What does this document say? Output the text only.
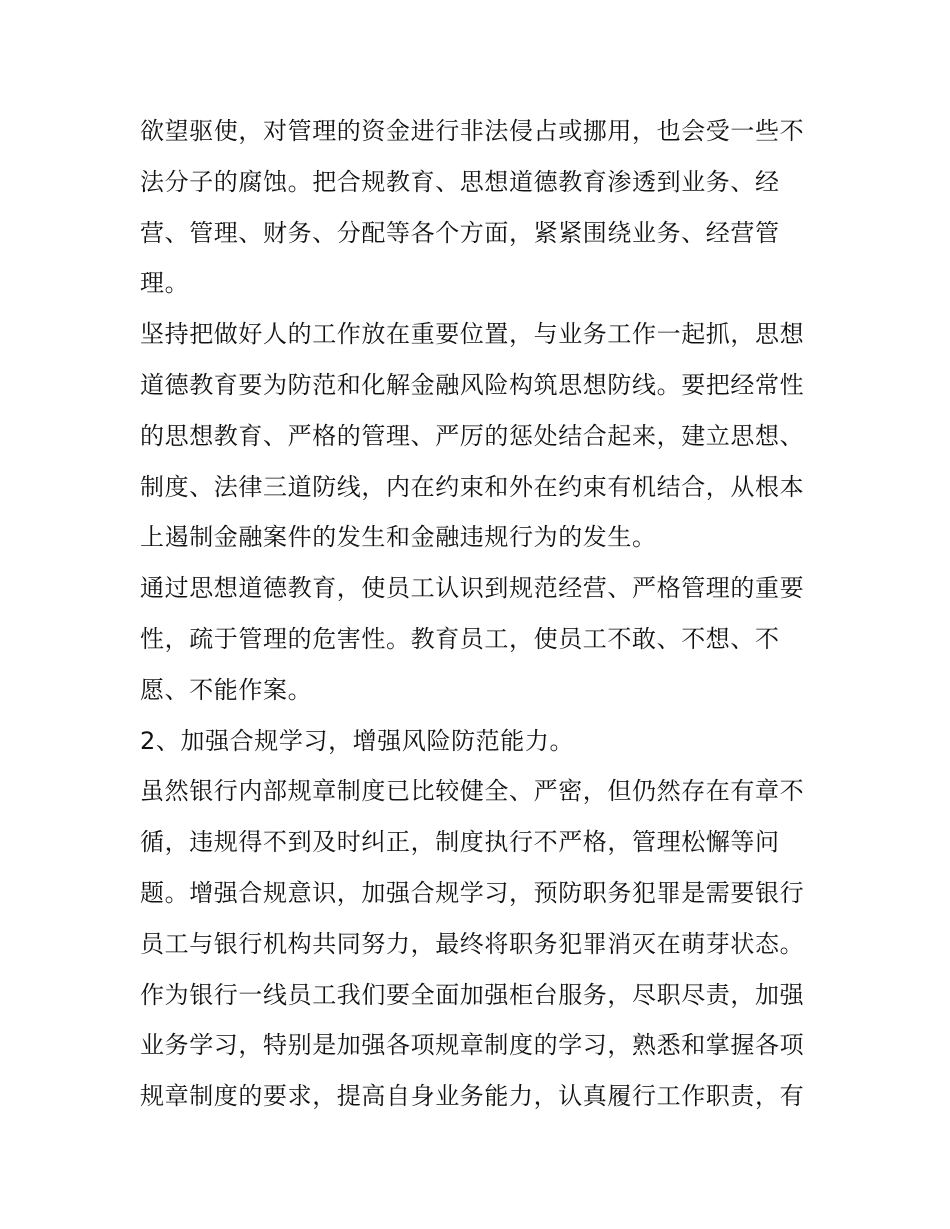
欲望驱使，对管理的资金进行非法侵占或挪用，也会受一些不
法分子的腐蚀。把合规教育、思想道德教育渗透到业务、经
营、管理、财务、分配等各个方面，紧紧围绕业务、经营管
理。
坚持把做好人的工作放在重要位置，与业务工作一起抓，思想
道德教育要为防范和化解金融风险构筑思想防线。要把经常性
的思想教育、严格的管理、严厉的惩处结合起来，建立思想、
制度、法律三道防线，内在约束和外在约束有机结合，从根本
上遏制金融案件的发生和金融违规行为的发生。
通过思想道德教育，使员工认识到规范经营、严格管理的重要
性，疏于管理的危害性。教育员工，使员工不敢、不想、不
愿、不能作案。
2、加强合规学习，增强风险防范能力。
虽然银行内部规章制度已比较健全、严密，但仍然存在有章不
循，违规得不到及时纠正，制度执行不严格，管理松懈等问
题。增强合规意识，加强合规学习，预防职务犯罪是需要银行
员工与银行机构共同努力，最终将职务犯罪消灭在萌芽状态。
作为银行一线员工我们要全面加强柜台服务，尽职尽责，加强
业务学习，特别是加强各项规章制度的学习，熟悉和掌握各项
规章制度的要求，提高自身业务能力，认真履行工作职责，有
